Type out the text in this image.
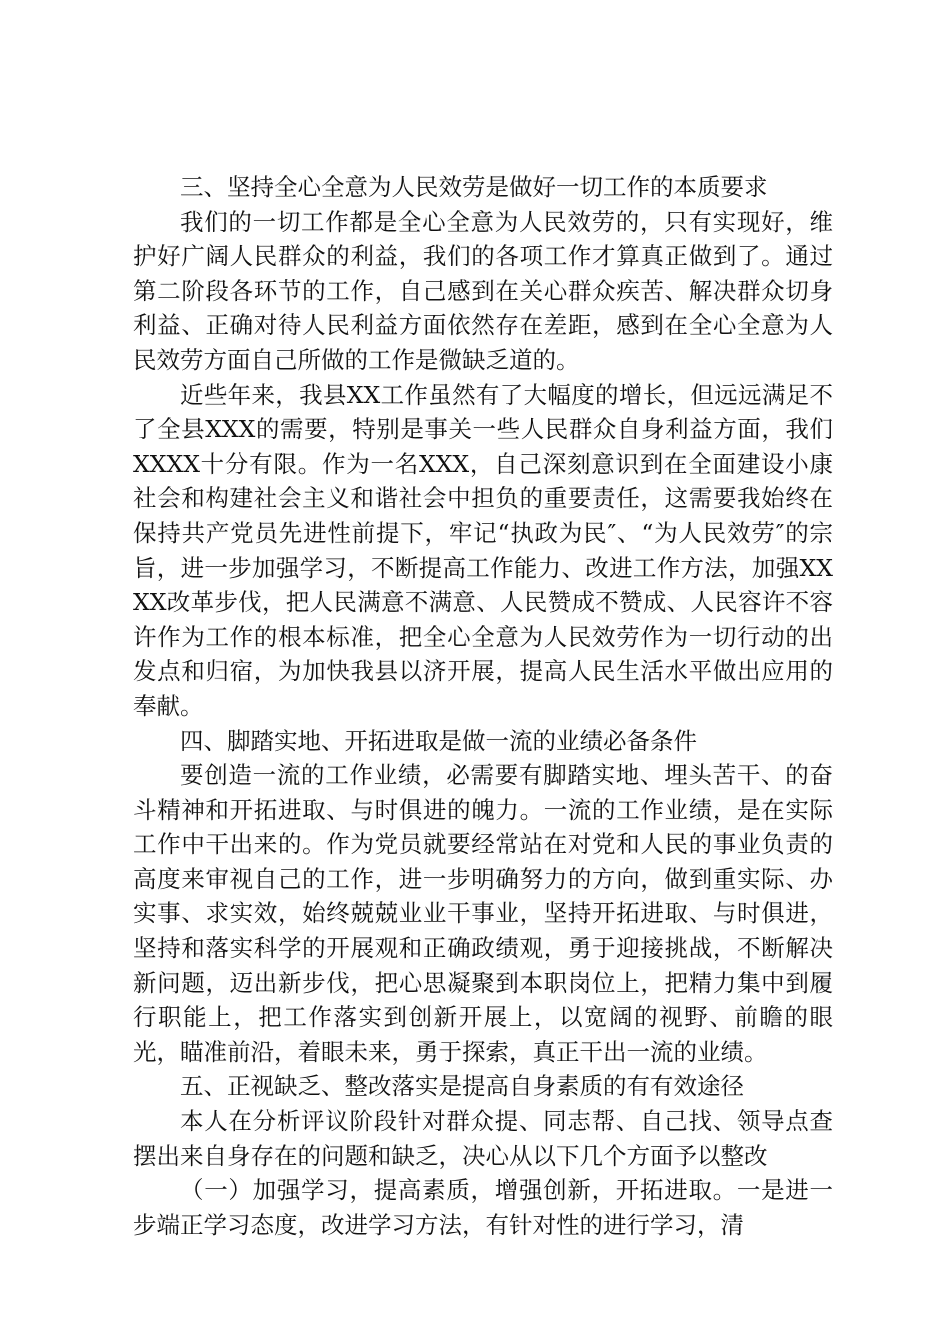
三、坚持全心全意为人民效劳是做好一切工作的本质要求

我们的一切工作都是全心全意为人民效劳的，只有实现好，维护好广阔人民群众的利益，我们的各项工作才算真正做到了。通过第二阶段各环节的工作，自己感到在关心群众疾苦、解决群众切身利益、正确对待人民利益方面依然存在差距，感到在全心全意为人民效劳方面自己所做的工作是微缺乏道的。

近些年来，我县XX工作虽然有了大幅度的增长，但远远满足不了全县XXX的需要，特别是事关一些人民群众自身利益方面，我们XXXX十分有限。作为一名XXX，自己深刻意识到在全面建设小康社会和构建社会主义和谐社会中担负的重要责任，这需要我始终在保持共产党员先进性前提下，牢记“执政为民″、“为人民效劳″的宗旨，进一步加强学习，不断提高工作能力、改进工作方法，加强XXXX改革步伐，把人民满意不满意、人民赞成不赞成、人民容许不容许作为工作的根本标准，把全心全意为人民效劳作为一切行动的出发点和归宿，为加快我县以济开展，提高人民生活水平做出应用的奉献。

四、脚踏实地、开拓进取是做一流的业绩必备条件

要创造一流的工作业绩，必需要有脚踏实地、埋头苦干、的奋斗精神和开拓进取、与时俱进的魄力。一流的工作业绩，是在实际工作中干出来的。作为党员就要经常站在对党和人民的事业负责的高度来审视自己的工作，进一步明确努力的方向，做到重实际、办实事、求实效，始终兢兢业业干事业，坚持开拓进取、与时俱进，坚持和落实科学的开展观和正确政绩观，勇于迎接挑战，不断解决新问题，迈出新步伐，把心思凝聚到本职岗位上，把精力集中到履行职能上，把工作落实到创新开展上，以宽阔的视野、前瞻的眼光，瞄准前沿，着眼未来，勇于探索，真正干出一流的业绩。

五、正视缺乏、整改落实是提高自身素质的有有效途径

本人在分析评议阶段针对群众提、同志帮、自己找、领导点查摆出来自身存在的问题和缺乏，决心从以下几个方面予以整改

（一）加强学习，提高素质，增强创新，开拓进取。一是进一步端正学习态度，改进学习方法，有针对性的进行学习，清
